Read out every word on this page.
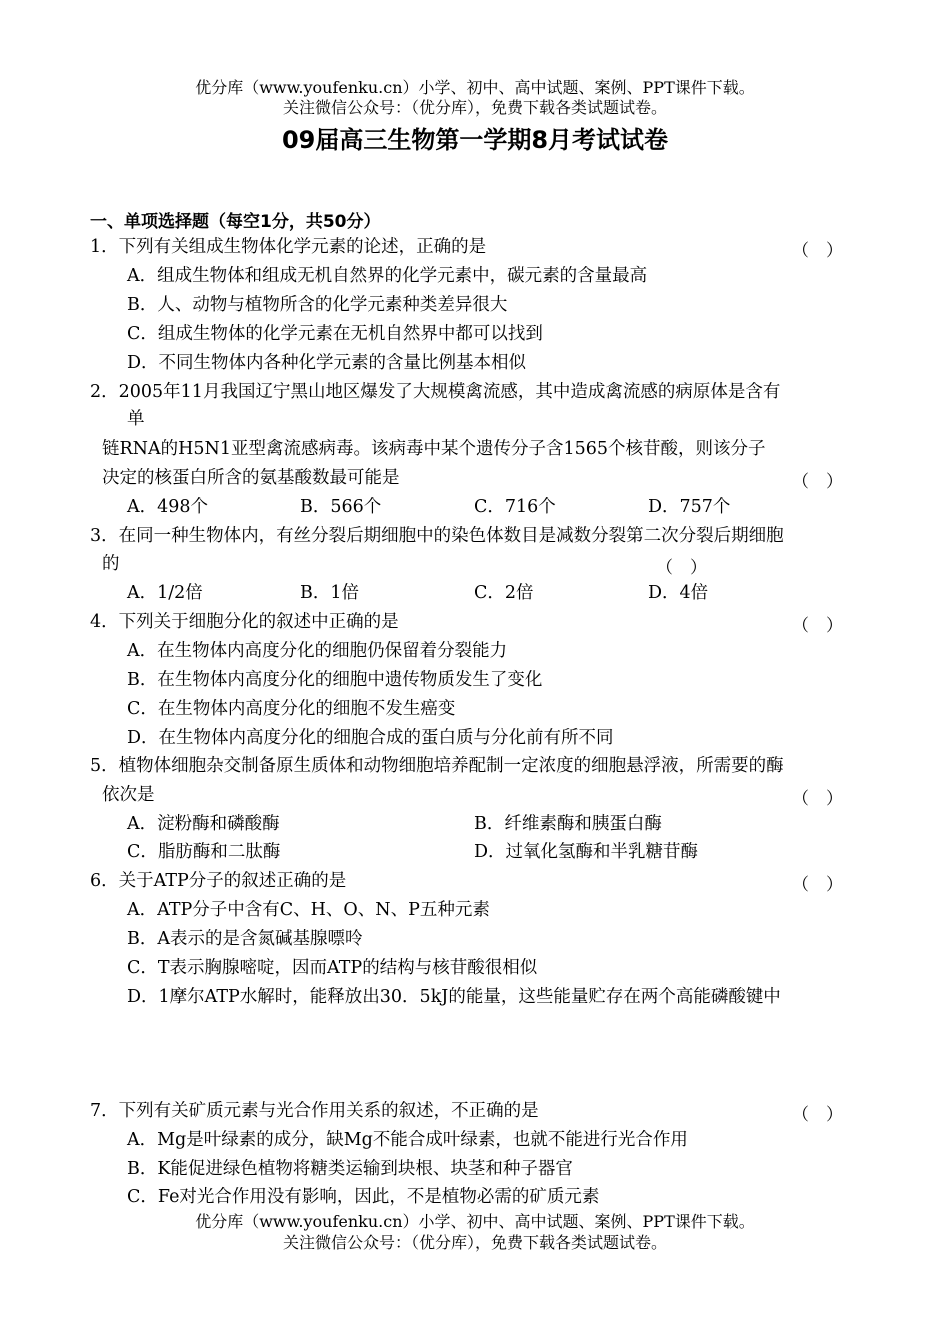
优分库（www.youfenku.cn）小学、初中、高中试题、案例、PPT课件下载。
关注微信公众号：（优分库），免费下载各类试题试卷。
09届高三生物第一学期8月考试试卷
一、单项选择题（每空1分，共50分）
1．下列有关组成生物体化学元素的论述，正确的是	（　）
A．组成生物体和组成无机自然界的化学元素中，碳元素的含量最高
B．人、动物与植物所含的化学元素种类差异很大
C．组成生物体的化学元素在无机自然界中都可以找到
D．不同生物体内各种化学元素的含量比例基本相似
2．2005年11月我国辽宁黑山地区爆发了大规模禽流感，其中造成禽流感的病原体是含有
单
链RNA的H5N1亚型禽流感病毒。该病毒中某个遗传分子含1565个核苷酸，则该分子
决定的核蛋白所含的氨基酸数最可能是	（　）
A．498个	B．566个	C．716个	D．757个
3．在同一种生物体内，有丝分裂后期细胞中的染色体数目是减数分裂第二次分裂后期细胞
的	（　）
A．1/2倍	B．1倍	C．2倍	D．4倍
4．下列关于细胞分化的叙述中正确的是	（　）
A．在生物体内高度分化的细胞仍保留着分裂能力
B．在生物体内高度分化的细胞中遗传物质发生了变化
C．在生物体内高度分化的细胞不发生癌变
D．在生物体内高度分化的细胞合成的蛋白质与分化前有所不同
5．植物体细胞杂交制备原生质体和动物细胞培养配制一定浓度的细胞悬浮液，所需要的酶
依次是	（　）
A．淀粉酶和磷酸酶	B．纤维素酶和胰蛋白酶
C．脂肪酶和二肽酶	D．过氧化氢酶和半乳糖苷酶
6．关于ATP分子的叙述正确的是	（　）
A．ATP分子中含有C、H、O、N、P五种元素
B．A表示的是含氮碱基腺嘌呤
C．T表示胸腺嘧啶，因而ATP的结构与核苷酸很相似
D．1摩尔ATP水解时，能释放出30．5kJ的能量，这些能量贮存在两个高能磷酸键中
7．下列有关矿质元素与光合作用关系的叙述，不正确的是	（　）
A．Mg是叶绿素的成分，缺Mg不能合成叶绿素，也就不能进行光合作用
B．K能促进绿色植物将糖类运输到块根、块茎和种子器官
C．Fe对光合作用没有影响，因此，不是植物必需的矿质元素
优分库（www.youfenku.cn）小学、初中、高中试题、案例、PPT课件下载。
关注微信公众号：（优分库），免费下载各类试题试卷。
